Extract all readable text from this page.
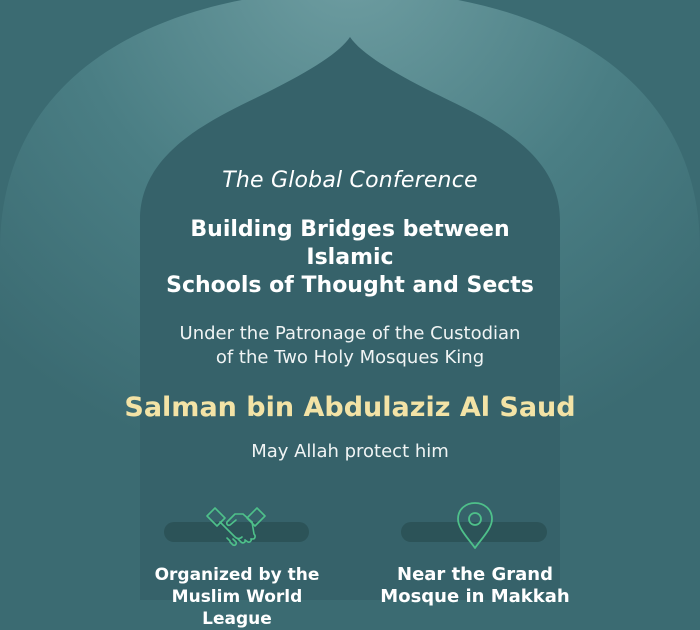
The Global Conference
Building Bridges between Islamic
Schools of Thought and Sects
Under the Patronage of the Custodian
of the Two Holy Mosques King
Salman bin Abdulaziz Al Saud
May Allah protect him
Organized by the
Muslim World League
Near the Grand
Mosque in Makkah
